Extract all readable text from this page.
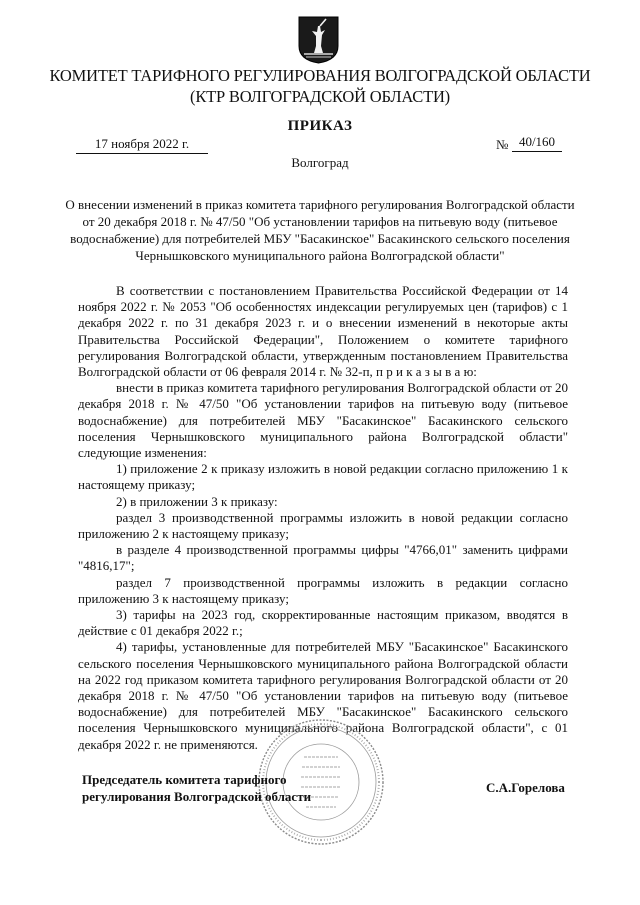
КОМИТЕТ ТАРИФНОГО РЕГУЛИРОВАНИЯ ВОЛГОГРАДСКОЙ ОБЛАСТИ
(КТР ВОЛГОГРАДСКОЙ ОБЛАСТИ)
ПРИКАЗ
17 ноября 2022 г.	№ 40/160
Волгоград
О внесении изменений в приказ комитета тарифного регулирования Волгоградской области от 20 декабря 2018 г. № 47/50 "Об установлении тарифов на питьевую воду (питьевое водоснабжение) для потребителей МБУ "Басакинское" Басакинского сельского поселения Чернышковского муниципального района Волгоградской области"

В соответствии с постановлением Правительства Российской Федерации от 14 ноября 2022 г. № 2053 "Об особенностях индексации регулируемых цен (тарифов) с 1 декабря 2022 г. по 31 декабря 2023 г. и о внесении изменений в некоторые акты Правительства Российской Федерации", Положением о комитете тарифного регулирования Волгоградской области, утвержденным постановлением Правительства Волгоградской области от 06 февраля 2014 г. № 32-п, п р и к а з ы в а ю:

внести в приказ комитета тарифного регулирования Волгоградской области от 20 декабря 2018 г. № 47/50 "Об установлении тарифов на питьевую воду (питьевое водоснабжение) для потребителей МБУ "Басакинское" Басакинского сельского поселения Чернышковского муниципального района Волгоградской области" следующие изменения:

1) приложение 2 к приказу изложить в новой редакции согласно приложению 1 к настоящему приказу;

2) в приложении 3 к приказу:

раздел 3 производственной программы изложить в новой редакции согласно приложению 2 к настоящему приказу;

в разделе 4 производственной программы цифры "4766,01" заменить цифрами "4816,17";

раздел 7 производственной программы изложить в редакции согласно приложению 3 к настоящему приказу;

3) тарифы на 2023 год, скорректированные настоящим приказом, вводятся в действие с 01 декабря 2022 г.;

4) тарифы, установленные для потребителей МБУ "Басакинское" Басакинского сельского поселения Чернышковского муниципального района Волгоградской области на 2022 год приказом комитета тарифного регулирования Волгоградской области от 20 декабря 2018 г. № 47/50 "Об установлении тарифов на питьевую воду (питьевое водоснабжение) для потребителей МБУ "Басакинское" Басакинского сельского поселения Чернышковского муниципального района Волгоградской области", с 01 декабря 2022 г. не применяются.

Председатель комитета тарифного
регулирования Волгоградской области
С.А.Горелова
